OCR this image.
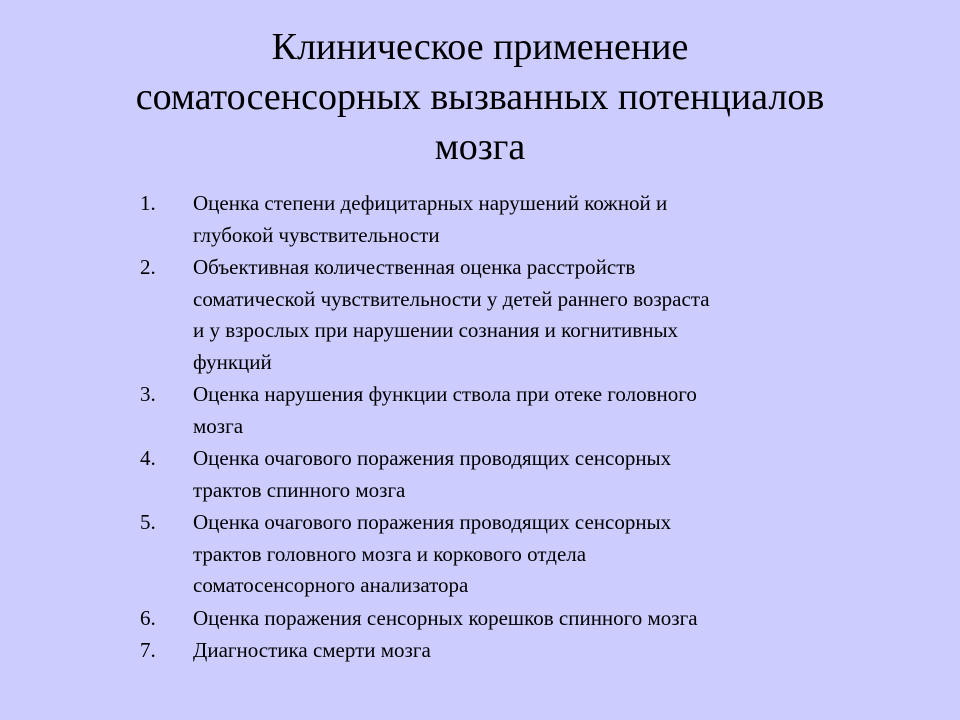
Клиническое применение
соматосенсорных вызванных потенциалов
мозга
1.	Оценка степени дефицитарных нарушений кожной и
глубокой чувствительности
2.	Объективная количественная оценка расстройств
соматической чувствительности у детей раннего возраста
и у взрослых при нарушении сознания и когнитивных
функций
3.	Оценка нарушения функции ствола при отеке головного
мозга
4.	Оценка очагового поражения проводящих сенсорных
трактов спинного мозга
5.	Оценка очагового поражения проводящих сенсорных
трактов головного мозга и коркового отдела
соматосенсорного анализатора
6.	Оценка поражения сенсорных корешков спинного мозга
7.	Диагностика смерти мозга
